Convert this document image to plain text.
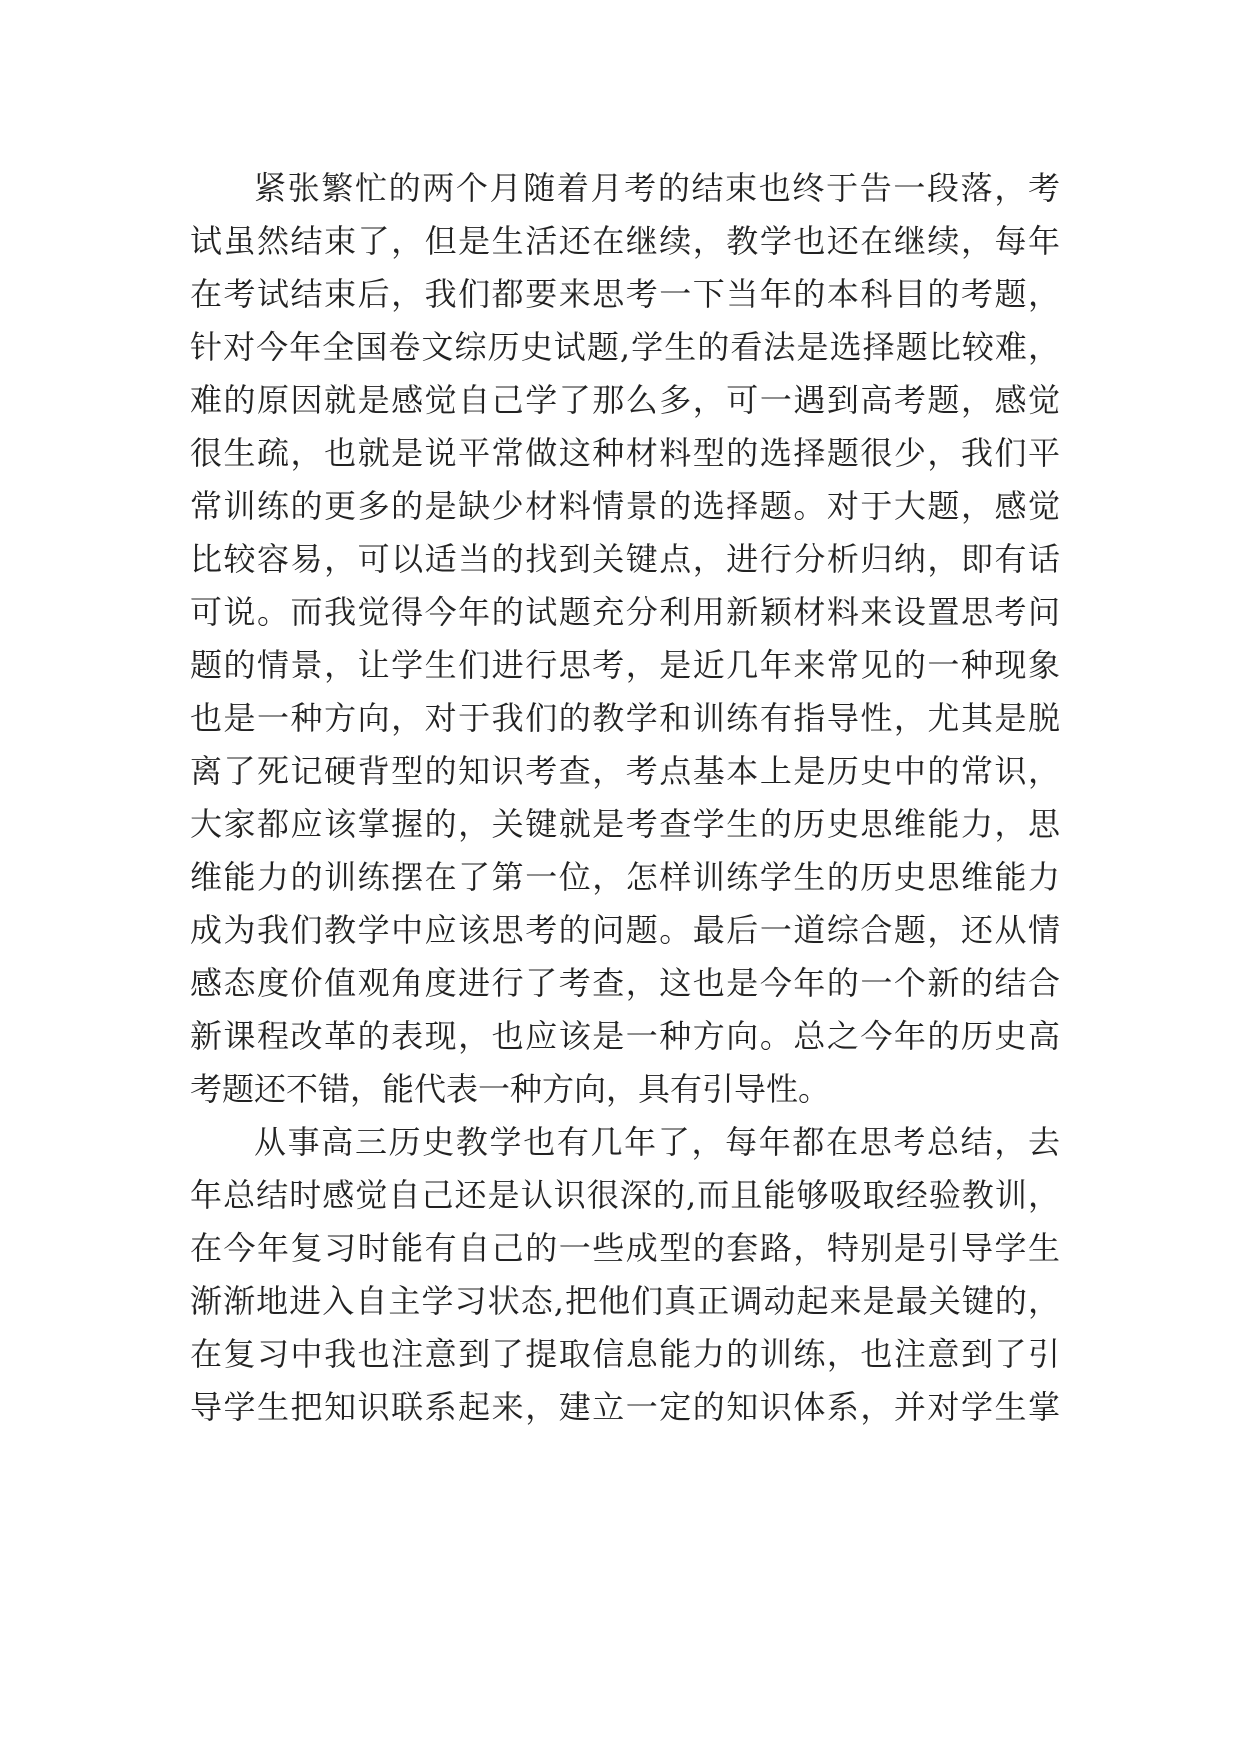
紧张繁忙的两个月随着月考的结束也终于告一段落，考
试虽然结束了，但是生活还在继续，教学也还在继续，每年
在考试结束后，我们都要来思考一下当年的本科目的考题，
针对今年全国卷文综历史试题,学生的看法是选择题比较难，
难的原因就是感觉自己学了那么多，可一遇到高考题，感觉
很生疏，也就是说平常做这种材料型的选择题很少，我们平
常训练的更多的是缺少材料情景的选择题。对于大题，感觉
比较容易，可以适当的找到关键点，进行分析归纳，即有话
可说。而我觉得今年的试题充分利用新颖材料来设置思考问
题的情景，让学生们进行思考，是近几年来常见的一种现象
也是一种方向，对于我们的教学和训练有指导性，尤其是脱
离了死记硬背型的知识考查，考点基本上是历史中的常识，
大家都应该掌握的，关键就是考查学生的历史思维能力，思
维能力的训练摆在了第一位，怎样训练学生的历史思维能力
成为我们教学中应该思考的问题。最后一道综合题，还从情
感态度价值观角度进行了考查，这也是今年的一个新的结合
新课程改革的表现，也应该是一种方向。总之今年的历史高
考题还不错，能代表一种方向，具有引导性。
从事高三历史教学也有几年了，每年都在思考总结，去
年总结时感觉自己还是认识很深的,而且能够吸取经验教训，
在今年复习时能有自己的一些成型的套路，特别是引导学生
渐渐地进入自主学习状态,把他们真正调动起来是最关键的，
在复习中我也注意到了提取信息能力的训练，也注意到了引
导学生把知识联系起来，建立一定的知识体系，并对学生掌
